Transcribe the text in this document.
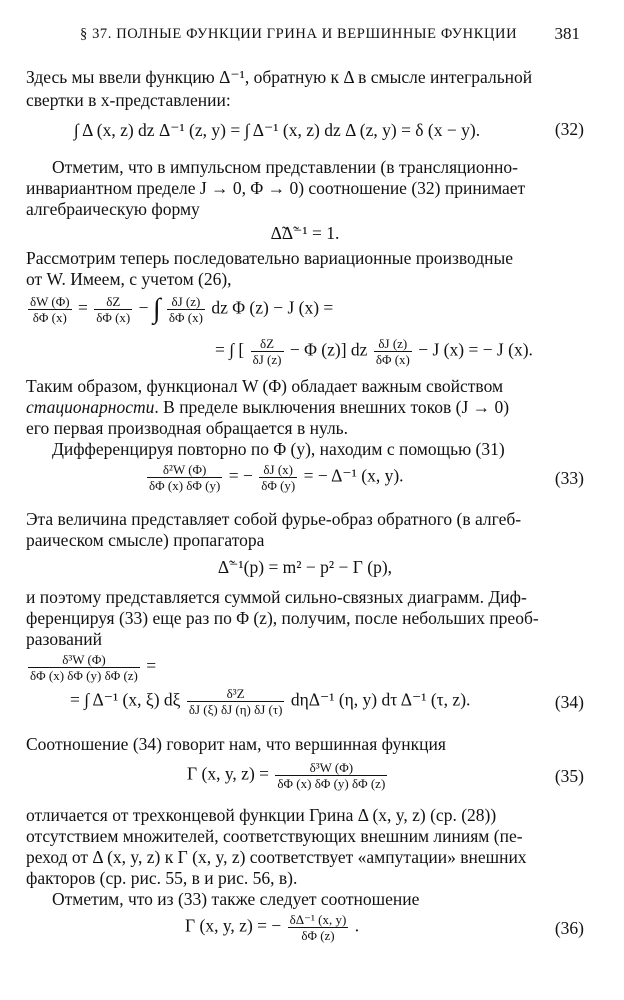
§ 37. ПОЛНЫЕ ФУНКЦИИ ГРИНА И ВЕРШИННЫЕ ФУНКЦИИ 381
Здесь мы ввели функцию Δ⁻¹, обратную к Δ в смысле интегральной
свертки в x-представлении:
∫ Δ (x, z) dz Δ⁻¹ (z, y) = ∫ Δ⁻¹ (x, z) dz Δ (z, y) = δ (x − y).	(32)
Отметим, что в импульсном представлении (в трансляционно-
инвариантном пределе J → 0, Φ → 0) соотношение (32) принимает
алгебраическую форму
Δ̃Δ̃⁻¹ = 1.
Рассмотрим теперь последовательно вариационные производные
от W. Имеем, с учетом (26),
$\frac{\delta W (\Phi)}{\delta\Phi (x)} = \frac{\delta Z}{\delta\Phi (x)}$ − ∫ $\frac{\delta J (z)}{\delta\Phi (x)}$ dz Φ (z) − J (x) =
= ∫ [ $\frac{\delta Z}{\delta J (z)} - \Phi$ (z)] dz $\frac{\delta J (z)}{\delta\Phi (x)} - J$ (x) = − J (x).
Таким образом, функционал W (Φ) обладает важным свойством
стационарности. В пределе выключения внешних токов (J → 0)
его первая производная обращается в нуль.
Дифференцируя повторно по Φ (y), находим с помощью (31)
$\frac{\text{δ²W (Φ)}}{\delta\Phi (x) \delta\Phi (y)}$ = − $\frac{\delta J (x)}{\delta\Phi (y)}$ = − Δ⁻¹ (x, y).	(33)
Эта величина представляет собой фурье-образ обратного (в алгеб-
раическом смысле) пропагатора
Δ̃⁻¹(p) = m² − p² − Γ (p),
и поэтому представляется суммой сильно-связных диаграмм. Диф-
ференцируя (33) еще раз по Φ (z), получим, после небольших преоб-
разований
$\frac{\text{δ³W (Φ)}}{\delta\Phi (x) \delta\Phi (y) \delta\Phi (z)}$ =
= ∫ Δ⁻¹ (x, ξ) dξ $\frac{\text{δ³Z}}{\delta J (\xi) \delta J (\eta) \delta J (\tau)} d\eta\Delta^{-1}$ (η, y) dτ Δ⁻¹ (τ, z).	(34)
Соотношение (34) говорит нам, что вершинная функция
Γ (x, y, $z) = \frac{\text{δ³W (Φ)}}{\delta\Phi (x) \delta\Phi (y) \delta\Phi (z)}$	(35)
отличается от трехконцевой функции Грина Δ (x, y, z) (ср. (28))
отсутствием множителей, соответствующих внешним линиям (пе-
реход от Δ (x, y, z) к Γ (x, y, z) соответствует «ампутации» внешних
факторов (ср. рис. 55, в и рис. 56, в).
Отметим, что из (33) также следует соотношение
Γ (x, y, z) = − $\frac{\text{δΔ⁻¹ (x, y)}}{\delta\Phi (z)}$ .	(36)
